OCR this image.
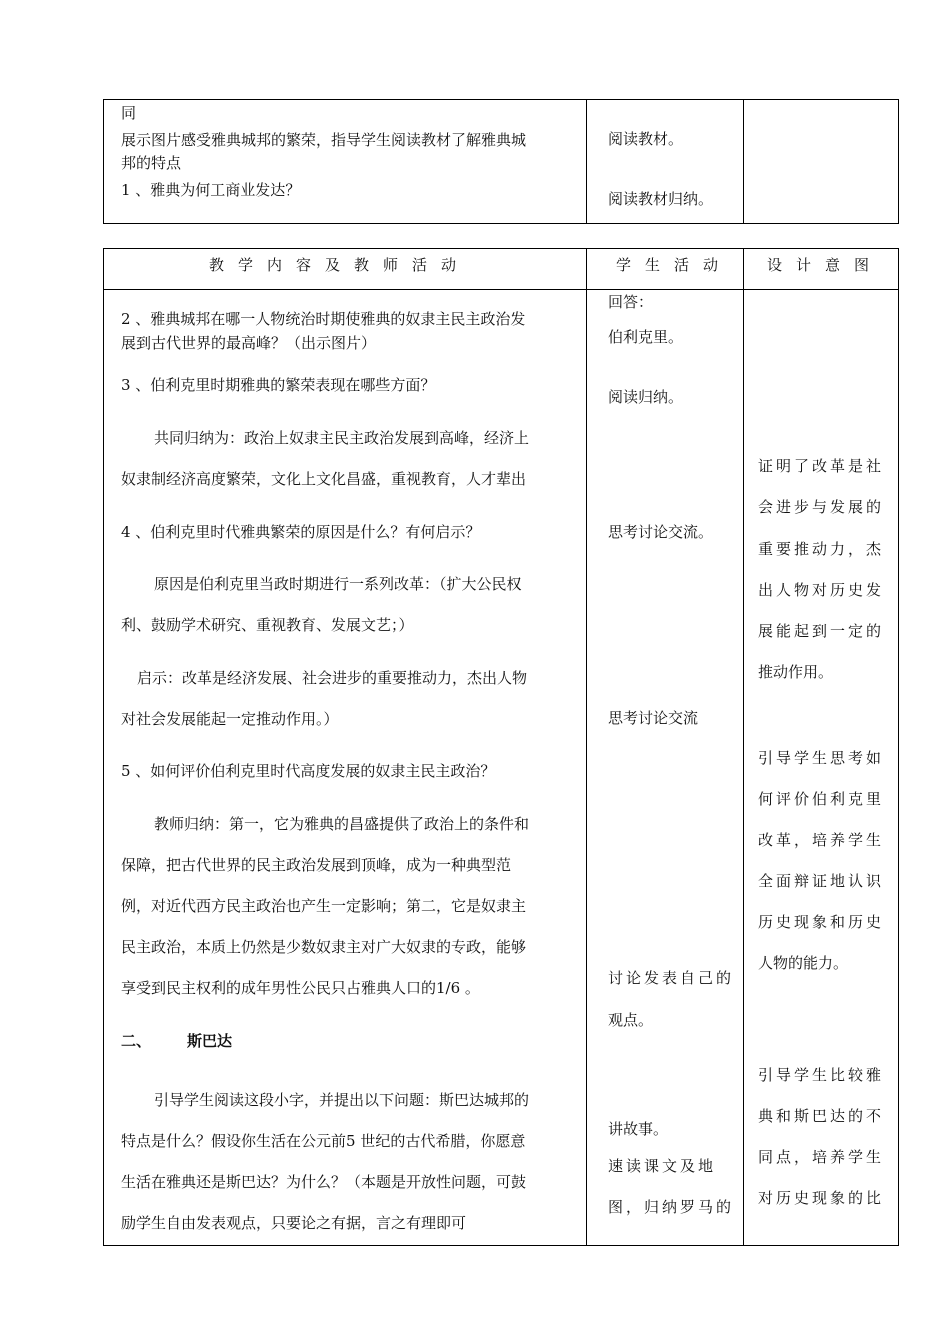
同
展示图片感受雅典城邦的繁荣，指导学生阅读教材了解雅典城
邦的特点
1 、雅典为何工商业发达？
阅读教材。
阅读教材归纳。
教学内容及教师活动	学生活动 设计意图
2 、雅典城邦在哪一人物统治时期使雅典的奴隶主民主政治发
展到古代世界的最高峰？（出示图片）
3 、伯利克里时期雅典的繁荣表现在哪些方面？
共同归纳为：政治上奴隶主民主政治发展到高峰，经济上
奴隶制经济高度繁荣，文化上文化昌盛，重视教育，人才辈出
4 、伯利克里时代雅典繁荣的原因是什么？有何启示？
原因是伯利克里当政时期进行一系列改革：（扩大公民权
利、鼓励学术研究、重视教育、发展文艺；）
启示：改革是经济发展、社会进步的重要推动力，杰出人物
对社会发展能起一定推动作用。）
5 、如何评价伯利克里时代高度发展的奴隶主民主政治？
教师归纳：第一，它为雅典的昌盛提供了政治上的条件和
保障，把古代世界的民主政治发展到顶峰，成为一种典型范
例，对近代西方民主政治也产生一定影响；第二，它是奴隶主
民主政治，本质上仍然是少数奴隶主对广大奴隶的专政，能够
享受到民主权利的成年男性公民只占雅典人口的1/6 。
二、 斯巴达
引导学生阅读这段小字，并提出以下问题：斯巴达城邦的
特点是什么？假设你生活在公元前5 世纪的古代希腊，你愿意
生活在雅典还是斯巴达？为什么？（本题是开放性问题，可鼓
励学生自由发表观点，只要论之有据，言之有理即可
回答：
伯利克里。
阅读归纳。
思考讨论交流。
思考讨论交流
讨论发表自己的
观点。
讲故事。
速读课文及地
图，归纳罗马的
证明了改革是社
会进步与发展的
重要推动力，杰
出人物对历史发
展能起到一定的
推动作用。
引导学生思考如
何评价伯利克里
改革，培养学生
全面辩证地认识
历史现象和历史
人物的能力。
引导学生比较雅
典和斯巴达的不
同点，培养学生
对历史现象的比
